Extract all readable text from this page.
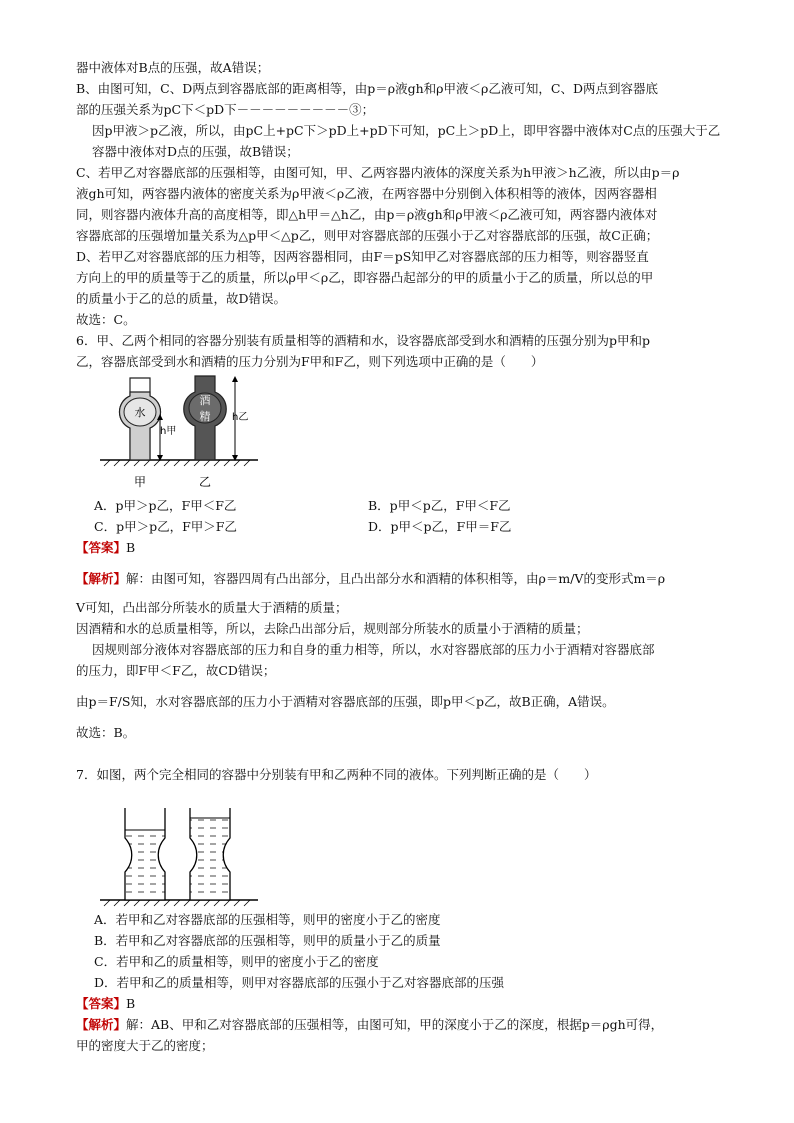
器中液体对B点的压强，故A错误；
B、由图可知，C、D两点到容器底部的距离相等，由p＝ρ液gh和ρ甲液＜ρ乙液可知，C、D两点到容器底
部的压强关系为pC下＜pD下－－－－－－－－－③；
因p甲液＞p乙液，所以，由pC上+pC下＞pD上+pD下可知，pC上＞pD上，即甲容器中液体对C点的压强大于乙
容器中液体对D点的压强，故B错误；
C、若甲乙对容器底部的压强相等，由图可知，甲、乙两容器内液体的深度关系为h甲液＞h乙液，所以由p＝ρ
液gh可知，两容器内液体的密度关系为ρ甲液＜ρ乙液，在两容器中分别倒入体积相等的液体，因两容器相
同，则容器内液体升高的高度相等，即△h甲＝△h乙，由p＝ρ液gh和ρ甲液＜ρ乙液可知，两容器内液体对
容器底部的压强增加量关系为△p甲＜△p乙，则甲对容器底部的压强小于乙对容器底部的压强，故C正确；
D、若甲乙对容器底部的压力相等，因两容器相同，由F＝pS知甲乙对容器底部的压力相等，则容器竖直
方向上的甲的质量等于乙的质量，所以ρ甲＜ρ乙，即容器凸起部分的甲的质量小于乙的质量，所以总的甲
的质量小于乙的总的质量，故D错误。
故选：C。
6．甲、乙两个相同的容器分别装有质量相等的酒精和水，设容器底部受到水和酒精的压强分别为p甲和p
乙，容器底部受到水和酒精的压力分别为F甲和F乙，则下列选项中正确的是（　　）
水
h甲
酒
精 h乙
甲	乙
A．p甲＞p乙，F甲＜F乙	B．p甲＜p乙，F甲＜F乙
C．p甲＞p乙，F甲＞F乙	D．p甲＜p乙，F甲＝F乙
【答案】B
【解析】解：由图可知，容器四周有凸出部分，且凸出部分水和酒精的体积相等，由ρ＝m/V的变形式m＝ρ
V可知，凸出部分所装水的质量大于酒精的质量；
因酒精和水的总质量相等，所以，去除凸出部分后，规则部分所装水的质量小于酒精的质量；
因规则部分液体对容器底部的压力和自身的重力相等，所以，水对容器底部的压力小于酒精对容器底部
的压力，即F甲＜F乙，故CD错误；
由p＝F/S知，水对容器底部的压力小于酒精对容器底部的压强，即p甲＜p乙，故B正确，A错误。
故选：B。
7．如图，两个完全相同的容器中分别装有甲和乙两种不同的液体。下列判断正确的是（　　）
A．若甲和乙对容器底部的压强相等，则甲的密度小于乙的密度
B．若甲和乙对容器底部的压强相等，则甲的质量小于乙的质量
C．若甲和乙的质量相等，则甲的密度小于乙的密度
D．若甲和乙的质量相等，则甲对容器底部的压强小于乙对容器底部的压强
【答案】B
【解析】解：AB、甲和乙对容器底部的压强相等，由图可知，甲的深度小于乙的深度，根据p＝ρgh可得，
甲的密度大于乙的密度；
